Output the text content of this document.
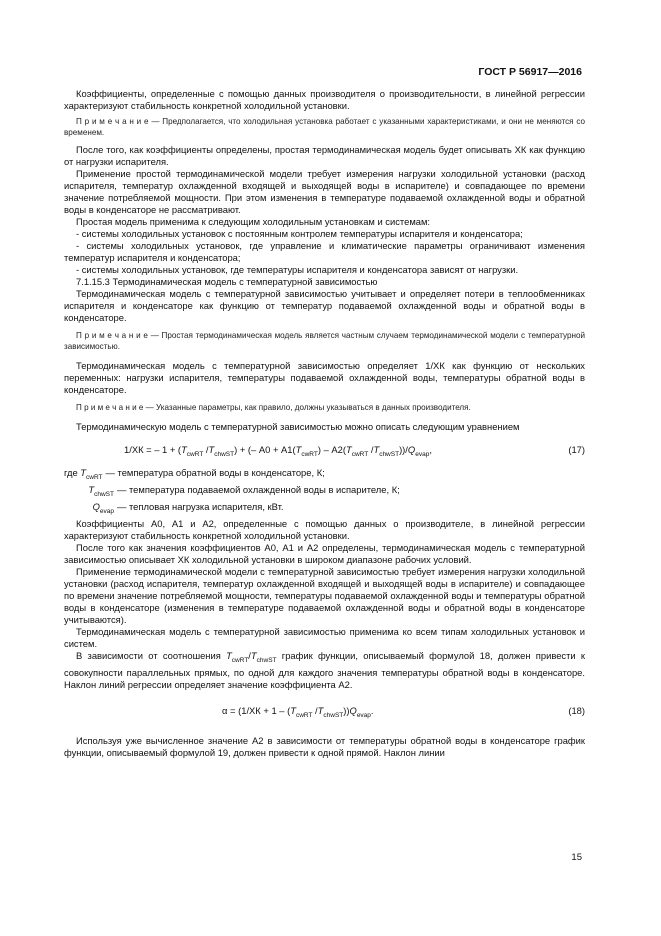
ГОСТ Р 56917—2016

Коэффициенты, определенные с помощью данных производителя о производительности, в линейной регрессии характеризуют стабильность конкретной холодильной установки.

П р и м е ч а н и е — Предполагается, что холодильная установка работает с указанными характеристиками, и они не меняются со временем.

После того, как коэффициенты определены, простая термодинамическая модель будет описывать ХК как функцию от нагрузки испарителя.

Применение простой термодинамической модели требует измерения нагрузки холодильной установки (расход испарителя, температур охлажденной входящей и выходящей воды в испарителе) и совпадающее по времени значение потребляемой мощности. При этом изменения в температуре подаваемой охлажденной воды и обратной воды в конденсаторе не рассматривают.

Простая модель применима к следующим холодильным установкам и системам:

- системы холодильных установок с постоянным контролем температуры испарителя и конденсатора;

- системы холодильных установок, где управление и климатические параметры ограничивают изменения температур испарителя и конденсатора;

- системы холодильных установок, где температуры испарителя и конденсатора зависят от нагрузки.

7.1.15.3 Термодинамическая модель с температурной зависимостью

Термодинамическая модель с температурной зависимостью учитывает и определяет потери в теплообменниках испарителя и конденсаторе как функцию от температур подаваемой охлажденной воды и обратной воды в конденсаторе.

П р и м е ч а н и е — Простая термодинамическая модель является частным случаем термодинамической модели с температурной зависимостью.

Термодинамическая модель с температурной зависимостью определяет 1/ХК как функцию от нескольких переменных: нагрузки испарителя, температуры подаваемой охлажденной воды, температуры обратной воды в конденсаторе.

П р и м е ч а н и е — Указанные параметры, как правило, должны указываться в данных производителя.

Термодинамическую модель с температурной зависимостью можно описать следующим уравнением

1/ХК = – $1 + (T_{cwRT}$ $/T_{chwST}$) + (– $А0 + А1(T_{cwRT}) - А2(T_{cwRT}$ $/T_{chwST}))/Q_{evap}$,	(17)
где $T_{cwRT}$ — температура обратной воды в конденсаторе, К;
$T_{chwST}$ — температура подаваемой охлажденной воды в испарителе, К;
$Q_{evap}$ — тепловая нагрузка испарителя, кВт.

Коэффициенты А0, А1 и А2, определенные с помощью данных о производителе, в линейной регрессии характеризуют стабильность конкретной холодильной установки.

После того как значения коэффициентов А0, А1 и А2 определены, термодинамическая модель с температурной зависимостью описывает ХК холодильной установки в широком диапазоне рабочих условий.

Применение термодинамической модели с температурной зависимостью требует измерения нагрузки холодильной установки (расход испарителя, температур охлажденной входящей и выходящей воды в испарителе) и совпадающее по времени значение потребляемой мощности, температуры подаваемой охлажденной воды и температуры обратной воды в конденсаторе (изменения в температуре подаваемой охлажденной воды и обратной воды в конденсаторе учитываются).

Термодинамическая модель с температурной зависимостью применима ко всем типам холодильных установок и систем.

В зависимости от соотношения $T_{cwRT}/T_{chwST}$ график функции, описываемый формулой 18, должен привести к совокупности параллельных прямых, по одной для каждого значения температуры обратной воды в конденсаторе. Наклон линий регрессии определяет значение коэффициента А2.

$\alpha = (1/ХК + 1 - (T_{cwRT}$ $/T_{chwST}))Q_{evap}$.	(18)

Используя уже вычисленное значение А2 в зависимости от температуры обратной воды в конденсаторе график функции, описываемый формулой 19, должен привести к одной прямой. Наклон линии

15
